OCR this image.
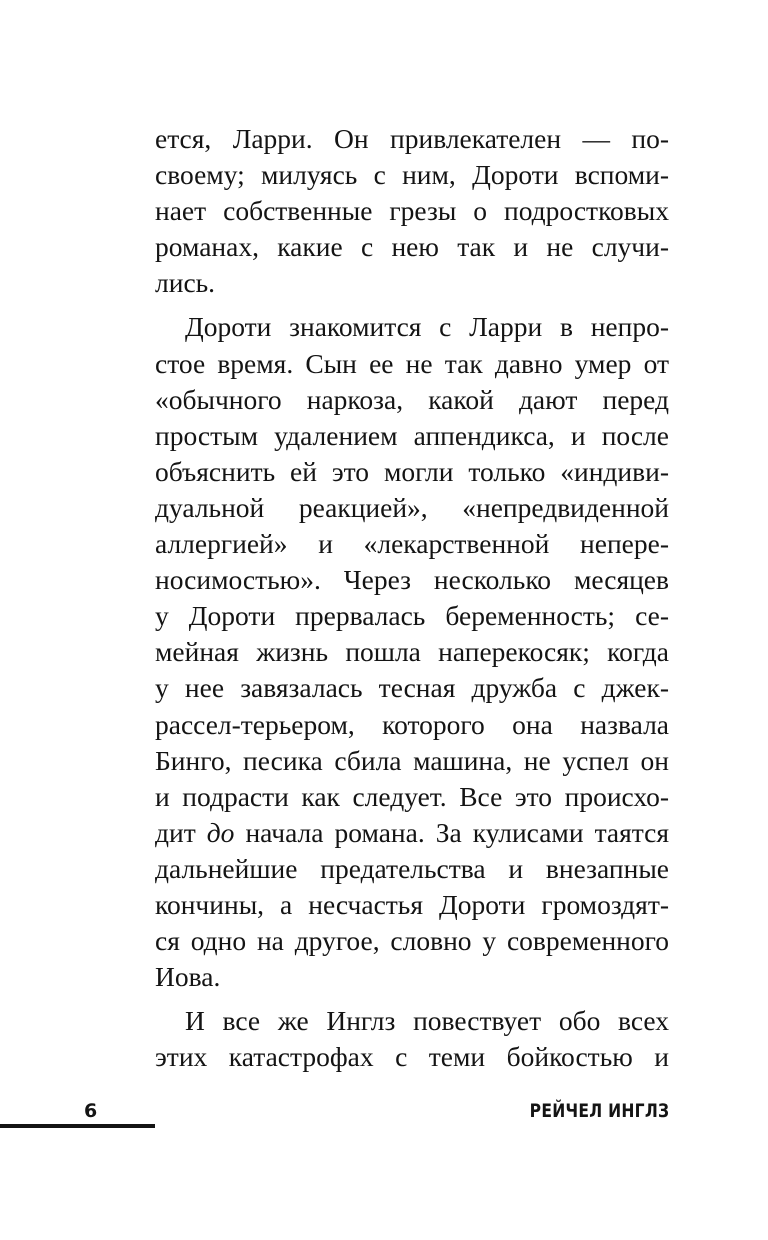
ется, Ларри. Он привлекателен — по-
своему; милуясь с ним, Дороти вспоми-
нает собственные грезы о подростковых
романах, какие с нею так и не случи-
лись.
Дороти знакомится с Ларри в непро-
стое время. Сын ее не так давно умер от
«обычного наркоза, какой дают перед
простым удалением аппендикса, и после
объяснить ей это могли только «индиви-
дуальной реакцией», «непредвиденной
аллергией» и «лекарственной непере-
носимостью». Через несколько месяцев
у Дороти прервалась беременность; се-
мейная жизнь пошла наперекосяк; когда
у нее завязалась тесная дружба с джек-
рассел-терьером, которого она назвала
Бинго, песика сбила машина, не успел он
и подрасти как следует. Все это происхо-
дит до начала романа. За кулисами таятся
дальнейшие предательства и внезапные
кончины, а несчастья Дороти громоздят-
ся одно на другое, словно у современного
Иова.
И все же Инглз повествует обо всех
этих катастрофах с теми бойкостью и
6	РЕЙЧЕЛ ИНГЛЗ
